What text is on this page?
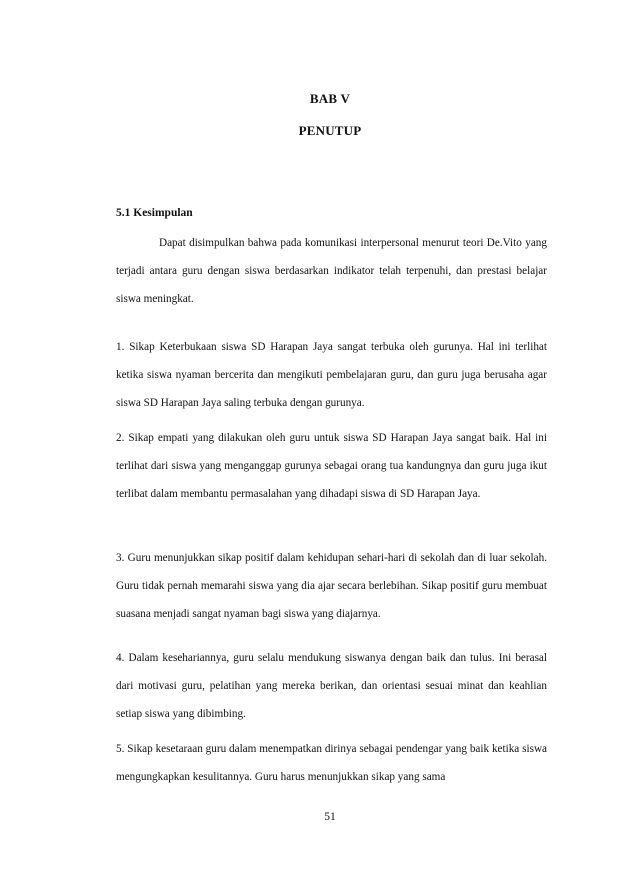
BAB V
PENUTUP
5.1 Kesimpulan

Dapat disimpulkan bahwa pada komunikasi interpersonal menurut teori De.Vito yang terjadi antara guru dengan siswa berdasarkan indikator telah terpenuhi, dan prestasi belajar siswa meningkat.

1. Sikap Keterbukaan siswa SD Harapan Jaya sangat terbuka oleh gurunya. Hal ini terlihat ketika siswa nyaman bercerita dan mengikuti pembelajaran guru, dan guru juga berusaha agar siswa SD Harapan Jaya saling terbuka dengan gurunya.

2. Sikap empati yang dilakukan oleh guru untuk siswa SD Harapan Jaya sangat baik. Hal ini terlihat dari siswa yang menganggap gurunya sebagai orang tua kandungnya dan guru juga ikut terlibat dalam membantu permasalahan yang dihadapi siswa di SD Harapan Jaya.

3. Guru menunjukkan sikap positif dalam kehidupan sehari-hari di sekolah dan di luar sekolah. Guru tidak pernah memarahi siswa yang dia ajar secara berlebihan. Sikap positif guru membuat suasana menjadi sangat nyaman bagi siswa yang diajarnya.

4. Dalam kesehariannya, guru selalu mendukung siswanya dengan baik dan tulus. Ini berasal dari motivasi guru, pelatihan yang mereka berikan, dan orientasi sesuai minat dan keahlian setiap siswa yang dibimbing.

5. Sikap kesetaraan guru dalam menempatkan dirinya sebagai pendengar yang baik ketika siswa mengungkapkan kesulitannya. Guru harus menunjukkan sikap yang sama

51
